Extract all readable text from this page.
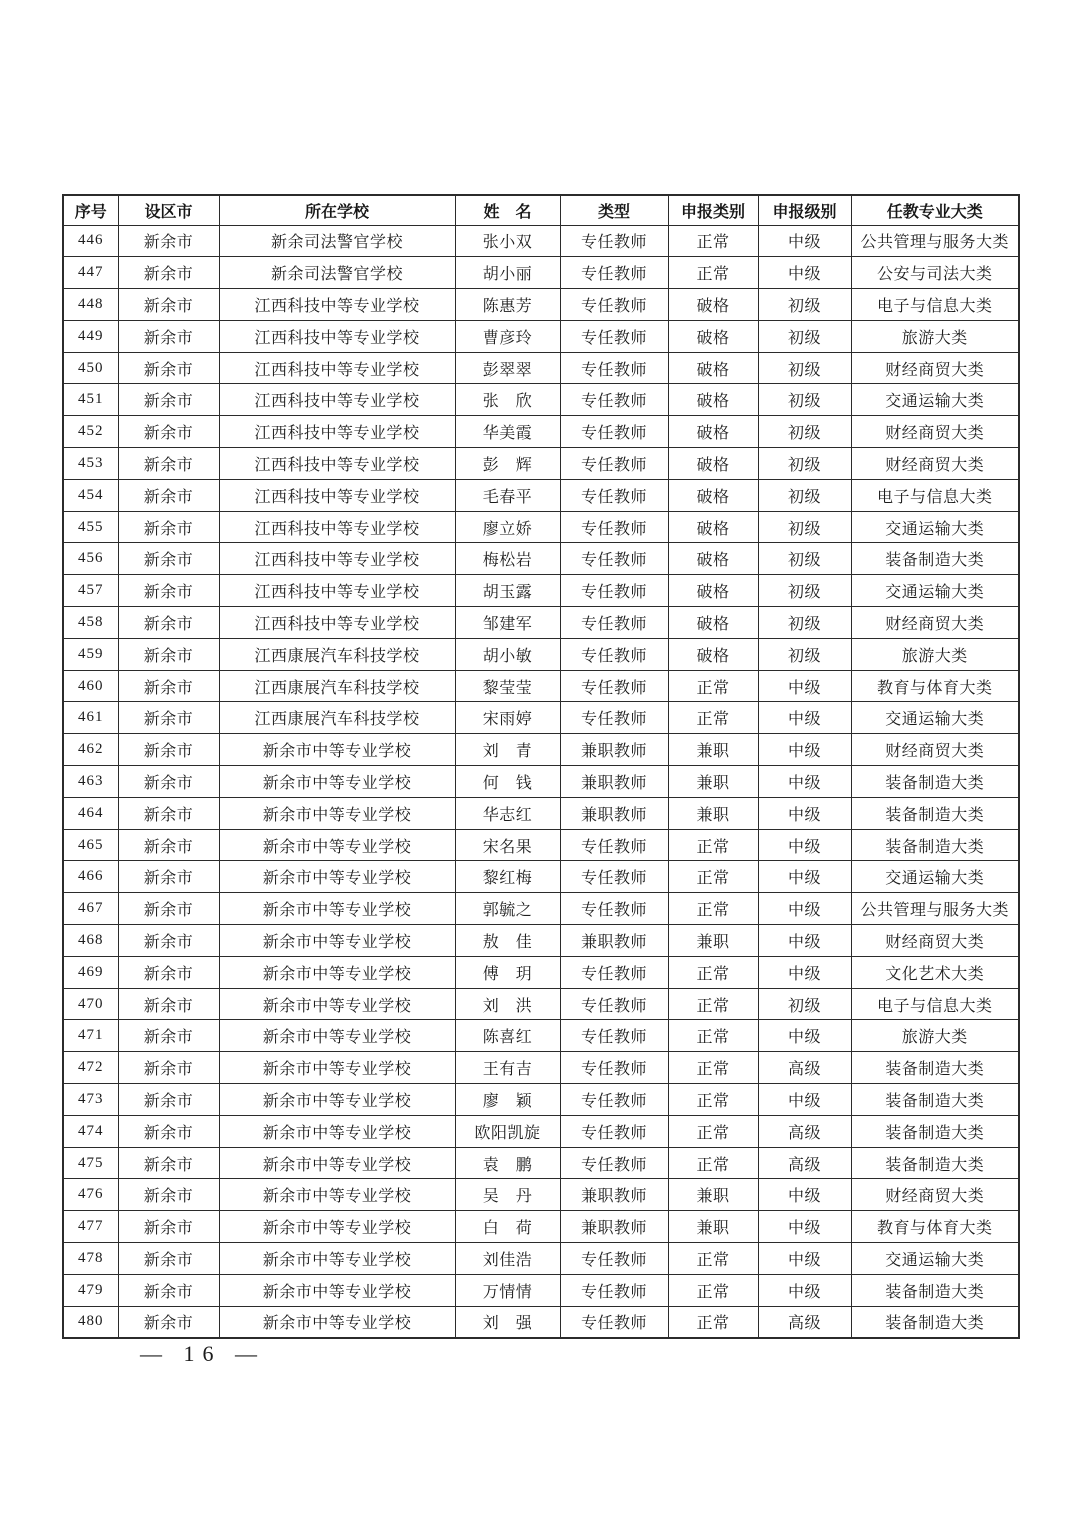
序号	设区市	所在学校	姓　名	类型	申报类别	申报级别	任教专业大类
446	新余市	新余司法警官学校	张小双	专任教师	正常	中级	公共管理与服务大类
447	新余市	新余司法警官学校	胡小丽	专任教师	正常	中级	公安与司法大类
448	新余市	江西科技中等专业学校	陈惠芳	专任教师	破格	初级	电子与信息大类
449	新余市	江西科技中等专业学校	曹彦玲	专任教师	破格	初级	旅游大类
450	新余市	江西科技中等专业学校	彭翠翠	专任教师	破格	初级	财经商贸大类
451	新余市	江西科技中等专业学校	张　欣	专任教师	破格	初级	交通运输大类
452	新余市	江西科技中等专业学校	华美霞	专任教师	破格	初级	财经商贸大类
453	新余市	江西科技中等专业学校	彭　辉	专任教师	破格	初级	财经商贸大类
454	新余市	江西科技中等专业学校	毛春平	专任教师	破格	初级	电子与信息大类
455	新余市	江西科技中等专业学校	廖立娇	专任教师	破格	初级	交通运输大类
456	新余市	江西科技中等专业学校	梅松岩	专任教师	破格	初级	装备制造大类
457	新余市	江西科技中等专业学校	胡玉露	专任教师	破格	初级	交通运输大类
458	新余市	江西科技中等专业学校	邹建军	专任教师	破格	初级	财经商贸大类
459	新余市	江西康展汽车科技学校	胡小敏	专任教师	破格	初级	旅游大类
460	新余市	江西康展汽车科技学校	黎莹莹	专任教师	正常	中级	教育与体育大类
461	新余市	江西康展汽车科技学校	宋雨婷	专任教师	正常	中级	交通运输大类
462	新余市	新余市中等专业学校	刘　青	兼职教师	兼职	中级	财经商贸大类
463	新余市	新余市中等专业学校	何　钱	兼职教师	兼职	中级	装备制造大类
464	新余市	新余市中等专业学校	华志红	兼职教师	兼职	中级	装备制造大类
465	新余市	新余市中等专业学校	宋名果	专任教师	正常	中级	装备制造大类
466	新余市	新余市中等专业学校	黎红梅	专任教师	正常	中级	交通运输大类
467	新余市	新余市中等专业学校	郭毓之	专任教师	正常	中级	公共管理与服务大类
468	新余市	新余市中等专业学校	敖　佳	兼职教师	兼职	中级	财经商贸大类
469	新余市	新余市中等专业学校	傅　玥	专任教师	正常	中级	文化艺术大类
470	新余市	新余市中等专业学校	刘　洪	专任教师	正常	初级	电子与信息大类
471	新余市	新余市中等专业学校	陈喜红	专任教师	正常	中级	旅游大类
472	新余市	新余市中等专业学校	王有吉	专任教师	正常	高级	装备制造大类
473	新余市	新余市中等专业学校	廖　颖	专任教师	正常	中级	装备制造大类
474	新余市	新余市中等专业学校	欧阳凯旋	专任教师	正常	高级	装备制造大类
475	新余市	新余市中等专业学校	袁　鹏	专任教师	正常	高级	装备制造大类
476	新余市	新余市中等专业学校	吴　丹	兼职教师	兼职	中级	财经商贸大类
477	新余市	新余市中等专业学校	白　荷	兼职教师	兼职	中级	教育与体育大类
478	新余市	新余市中等专业学校	刘佳浩	专任教师	正常	中级	交通运输大类
479	新余市	新余市中等专业学校	万情情	专任教师	正常	中级	装备制造大类
480	新余市	新余市中等专业学校	刘　强	专任教师	正常	高级	装备制造大类
— 16 —
